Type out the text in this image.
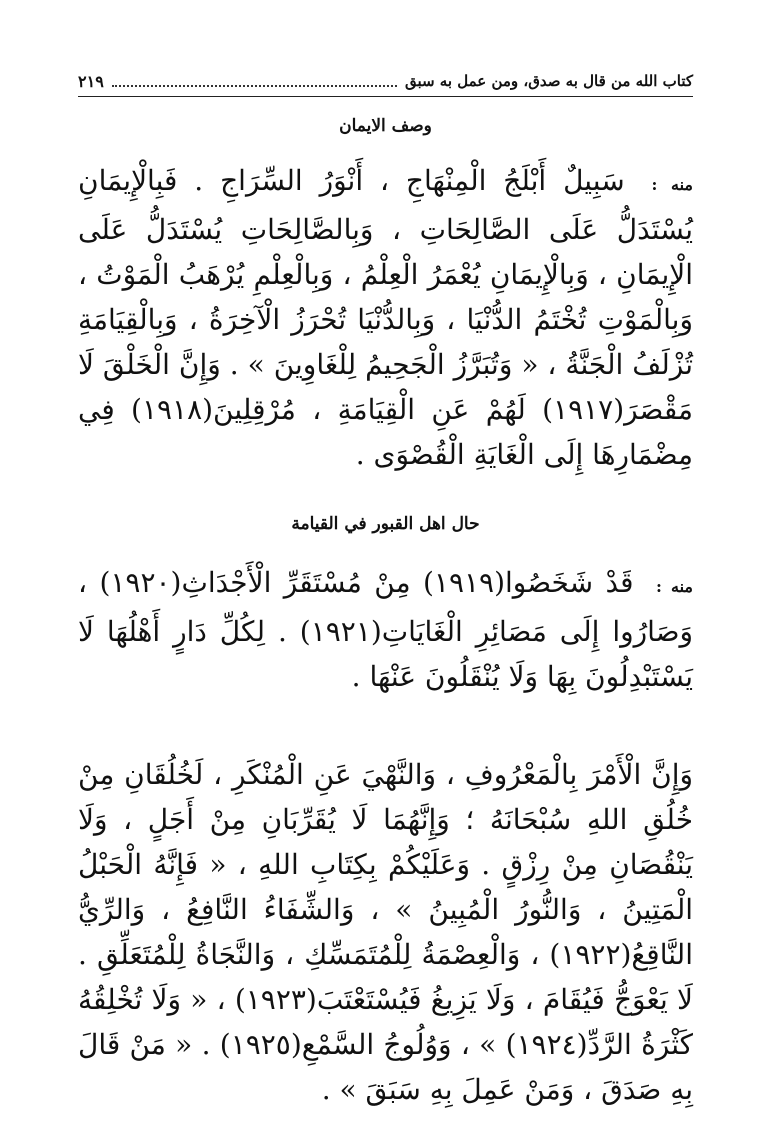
كتاب الله من قال به صدق، ومن عمل به سبق
٢١٩
وصف الايمان
منه : سَبِيلٌ أَبْلَجُ الْمِنْهَاجِ ، أَنْوَرُ السِّرَاجِ . فَبِالْإِيمَانِ يُسْتَدَلُّ عَلَى الصَّالِحَاتِ ، وَبِالصَّالِحَاتِ يُسْتَدَلُّ عَلَى الْإِيمَانِ ، وَبِالْإِيمَانِ يُعْمَرُ الْعِلْمُ ، وَبِالْعِلْمِ يُرْهَبُ الْمَوْتُ ، وَبِالْمَوْتِ تُخْتَمُ الدُّنْيَا ، وَبِالدُّنْيَا تُحْرَزُ الْآخِرَةُ ، وَبِالْقِيَامَةِ تُزْلَفُ الْجَنَّةُ ، « وَتُبَرَّزُ الْجَحِيمُ لِلْغَاوِينَ » . وَإِنَّ الْخَلْقَ لَا مَقْصَرَ(١٩١٧) لَهُمْ عَنِ الْقِيَامَةِ ، مُرْقِلِينَ(١٩١٨) فِي مِضْمَارِهَا إِلَى الْغَايَةِ الْقُصْوَى .
حال اهل القبور في القيامة
منه : قَدْ شَخَصُوا(١٩١٩) مِنْ مُسْتَقَرِّ الْأَجْدَاثِ(١٩٢٠) ، وَصَارُوا إِلَى مَصَائِرِ الْغَايَاتِ(١٩٢١) . لِكُلِّ دَارٍ أَهْلُهَا لَا يَسْتَبْدِلُونَ بِهَا وَلَا يُنْقَلُونَ عَنْهَا .
وَإِنَّ الْأَمْرَ بِالْمَعْرُوفِ ، وَالنَّهْيَ عَنِ الْمُنْكَرِ ، لَخُلُقَانِ مِنْ خُلُقِ اللهِ سُبْحَانَهُ ؛ وَإِنَّهُمَا لَا يُقَرِّبَانِ مِنْ أَجَلٍ ، وَلَا يَنْقُصَانِ مِنْ رِزْقٍ . وَعَلَيْكُمْ بِكِتَابِ اللهِ ، « فَإِنَّهُ الْحَبْلُ الْمَتِينُ ، وَالنُّورُ الْمُبِينُ » ، وَالشِّفَاءُ النَّافِعُ ، وَالرِّيُّ النَّاقِعُ(١٩٢٢) ، وَالْعِصْمَةُ لِلْمُتَمَسِّكِ ، وَالنَّجَاةُ لِلْمُتَعَلِّقِ . لَا يَعْوَجُّ فَيُقَامَ ، وَلَا يَزِيغُ فَيُسْتَعْتَبَ(١٩٢٣) ، « وَلَا تُخْلِقُهُ كَثْرَةُ الرَّدِّ(١٩٢٤) » ، وَوُلُوجُ السَّمْعِ(١٩٢٥) . « مَنْ قَالَ بِهِ صَدَقَ ، وَمَنْ عَمِلَ بِهِ سَبَقَ » .
